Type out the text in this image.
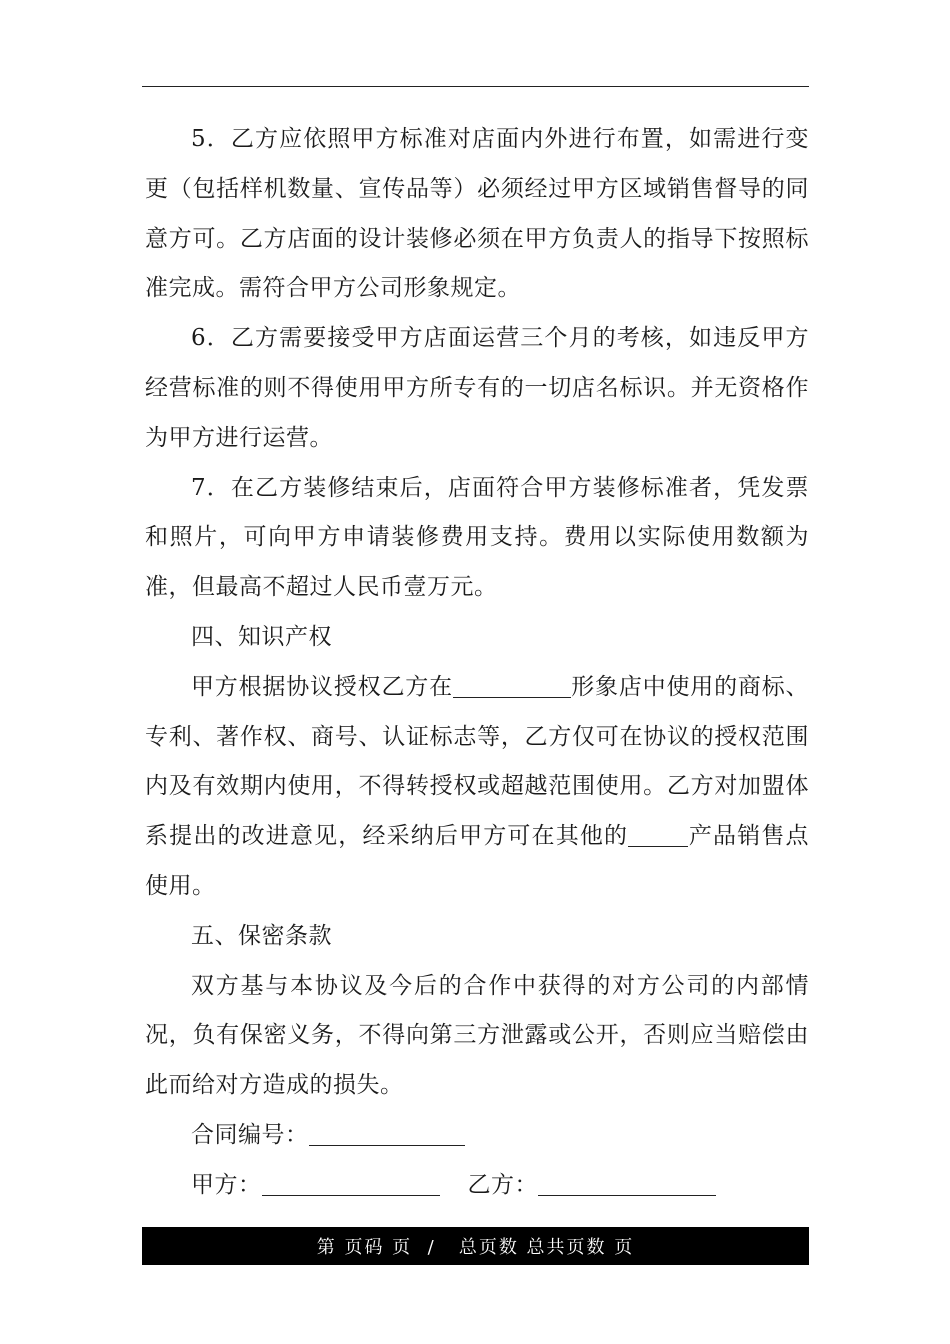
5．乙方应依照甲方标准对店面内外进行布置，如需进行变更（包括样机数量、宣传品等）必须经过甲方区域销售督导的同意方可。乙方店面的设计装修必须在甲方负责人的指导下按照标准完成。需符合甲方公司形象规定。

6．乙方需要接受甲方店面运营三个月的考核，如违反甲方经营标准的则不得使用甲方所专有的一切店名标识。并无资格作为甲方进行运营。

7．在乙方装修结束后，店面符合甲方装修标准者，凭发票和照片，可向甲方申请装修费用支持。费用以实际使用数额为准，但最高不超过人民币壹万元。

四、知识产权

甲方根据协议授权乙方在	形象店中使用的商标、专利、著作权、商号、认证标志等，乙方仅可在协议的授权范围内及有效期内使用，不得转授权或超越范围使用。乙方对加盟体系提出的改进意见，经采纳后甲方可在其他的	产品销售点使用。

五、保密条款

双方基与本协议及今后的合作中获得的对方公司的内部情况，负有保密义务，不得向第三方泄露或公开，否则应当赔偿由此而给对方造成的损失。

合同编号：

甲方：	乙方：

第 页码 页  /   总页数 总共页数 页
